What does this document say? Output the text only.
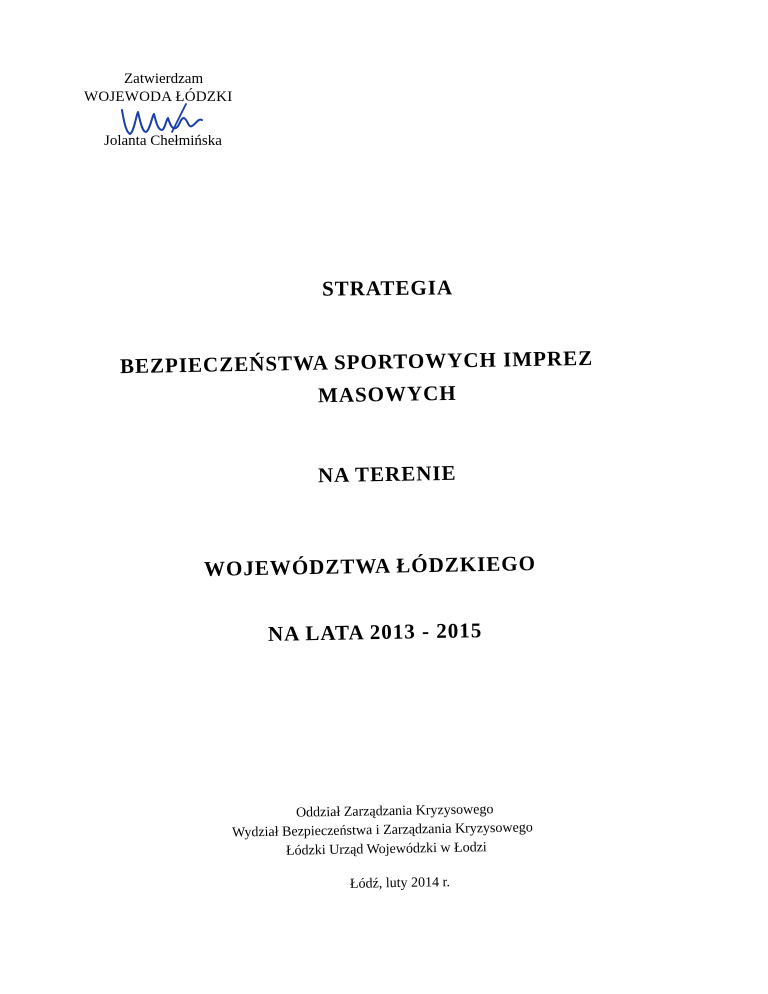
Zatwierdzam
WOJEWODA ŁÓDZKI
Jolanta Chełmińska
STRATEGIA
BEZPIECZEŃSTWA SPORTOWYCH IMPREZ
MASOWYCH
NA TERENIE
WOJEWÓDZTWA ŁÓDZKIEGO
NA LATA 2013 - 2015
Oddział Zarządzania Kryzysowego
Wydział Bezpieczeństwa i Zarządzania Kryzysowego
Łódzki Urząd Wojewódzki w Łodzi
Łódź, luty 2014 r.
